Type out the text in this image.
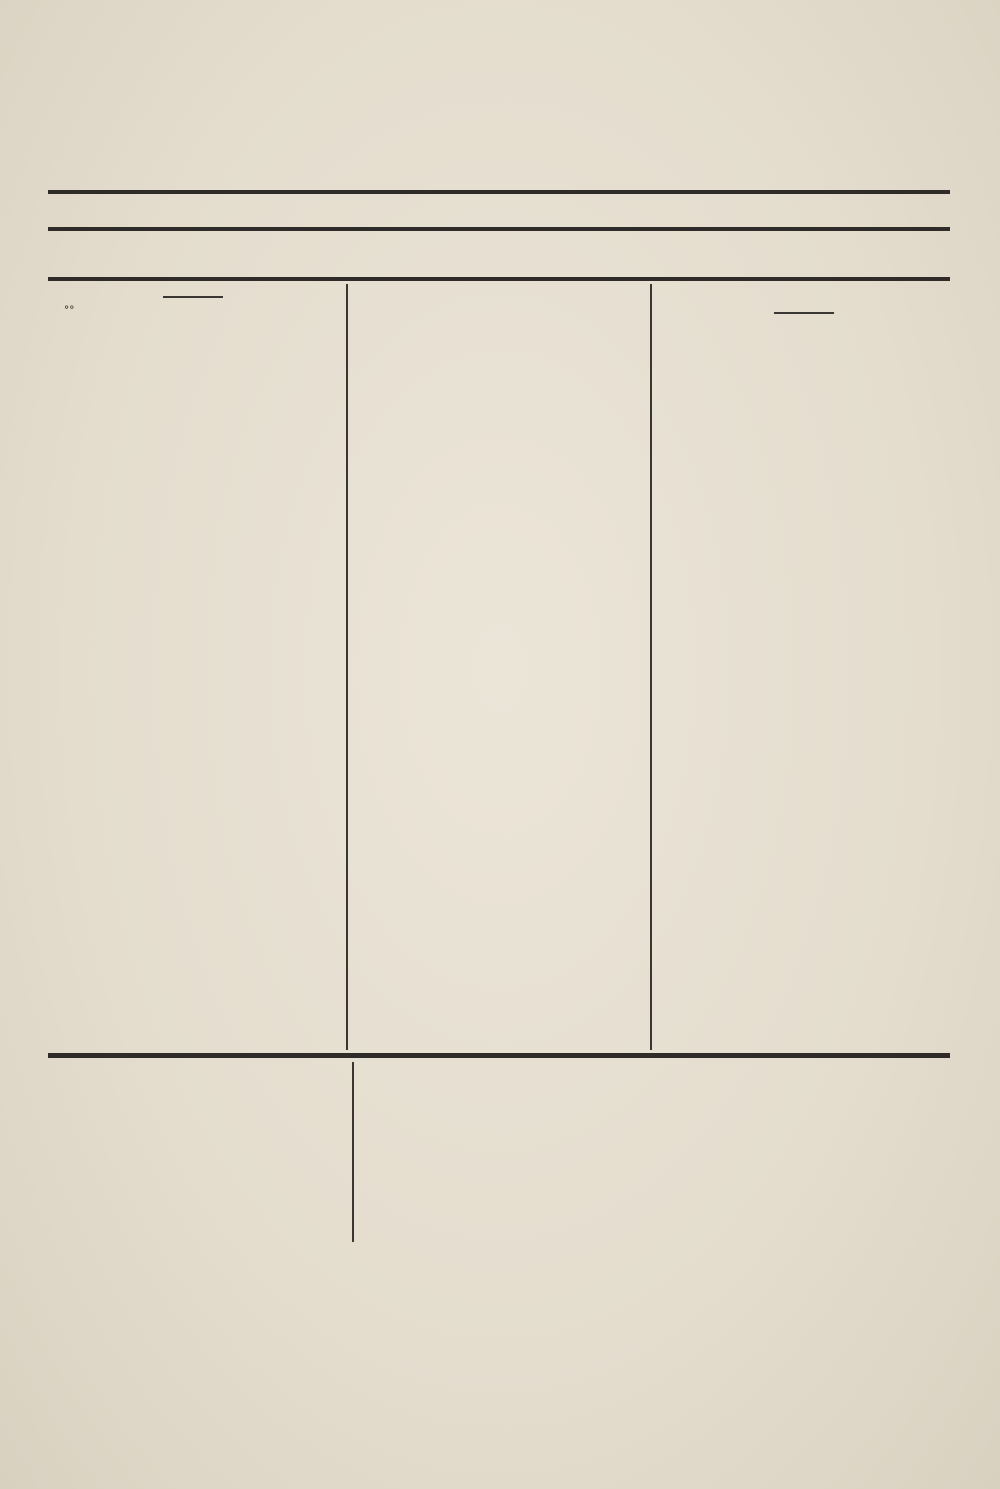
°°
